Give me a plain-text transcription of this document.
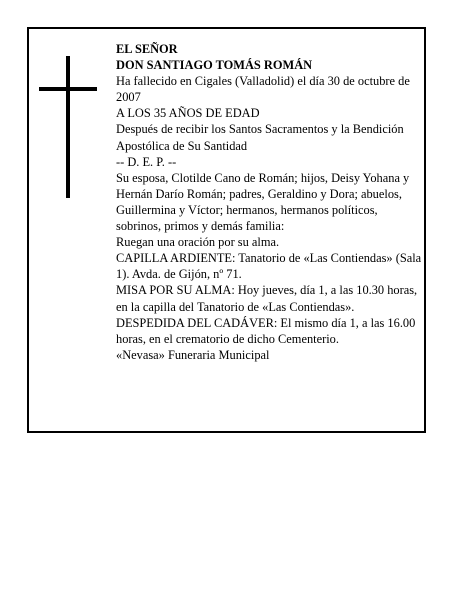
EL SEÑOR
DON SANTIAGO TOMÁS ROMÁN
Ha fallecido en Cigales (Valladolid) el día 30 de octubre de 2007
A LOS 35 AÑOS DE EDAD
Después de recibir los Santos Sacramentos y la Bendición Apostólica de Su Santidad
-- D. E. P. --
Su esposa, Clotilde Cano de Román; hijos, Deisy Yohana y Hernán Darío Román; padres, Geraldino y Dora; abuelos, Guillermina y Víctor; hermanos, hermanos políticos, sobrinos, primos y demás familia:
Ruegan una oración por su alma.
CAPILLA ARDIENTE: Tanatorio de «Las Contiendas» (Sala 1). Avda. de Gijón, nº 71.
MISA POR SU ALMA: Hoy jueves, día 1, a las 10.30 horas, en la capilla del Tanatorio de «Las Contiendas».
DESPEDIDA DEL CADÁVER: El mismo día 1, a las 16.00 horas, en el crematorio de dicho Cementerio.
«Nevasa» Funeraria Municipal
